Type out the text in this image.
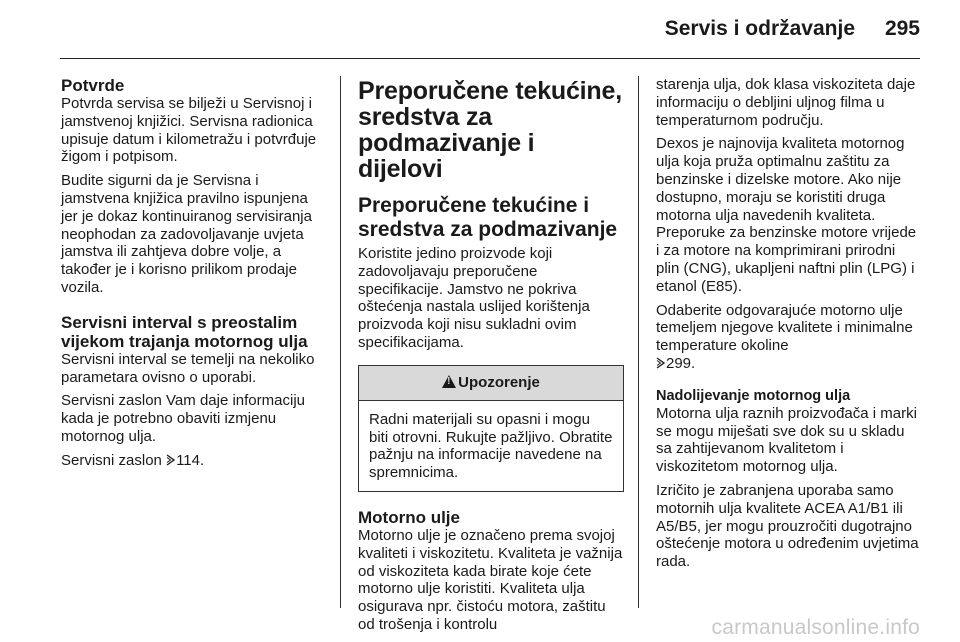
Servis i održavanje 295
Potvrde

Potvrda servisa se bilježi u Servisnoj i jamstvenoj knjižici. Servisna radionica upisuje datum i kilometražu i potvrđuje žigom i potpisom.

Budite sigurni da je Servisna i jamstvena knjižica pravilno ispunjena jer je dokaz kontinuiranog servisiranja neophodan za zadovoljavanje uvjeta jamstva ili zahtjeva dobre volje, a također je i korisno prilikom prodaje vozila.

Servisni interval s preostalim vijekom trajanja motornog ulja

Servisni interval se temelji na nekoliko parametara ovisno o uporabi.

Servisni zaslon Vam daje informaciju kada je potrebno obaviti izmjenu motornog ulja.

Servisni zaslon 114.

Preporučene tekućine, sredstva za podmazivanje i dijelovi
Preporučene tekućine i sredstva za podmazivanje

Koristite jedino proizvode koji zadovoljavaju preporučene specifikacije. Jamstvo ne pokriva oštećenja nastala uslijed korištenja proizvoda koji nisu sukladni ovim specifikacijama.

!Upozorenje
Radni materijali su opasni i mogu biti otrovni. Rukujte pažljivo. Obratite pažnju na informacije navedene na spremnicima.
Motorno ulje

Motorno ulje je označeno prema svojoj kvaliteti i viskozitetu. Kvaliteta je važnija od viskoziteta kada birate koje ćete motorno ulje koristiti. Kvaliteta ulja osigurava npr. čistoću motora, zaštitu od trošenja i kontrolu

starenja ulja, dok klasa viskoziteta daje informaciju o debljini uljnog filma u temperaturnom području.

Dexos je najnovija kvaliteta motornog ulja koja pruža optimalnu zaštitu za benzinske i dizelske motore. Ako nije dostupno, moraju se koristiti druga motorna ulja navedenih kvaliteta. Preporuke za benzinske motore vrijede i za motore na komprimirani prirodni plin (CNG), ukapljeni naftni plin (LPG) i etanol (E85).

Odaberite odgovarajuće motorno ulje temeljem njegove kvalitete i minimalne temperature okoline
299.

Nadolijevanje motornog ulja

Motorna ulja raznih proizvođača i marki se mogu miješati sve dok su u skladu sa zahtijevanom kvalitetom i viskozitetom motornog ulja.

Izričito je zabranjena uporaba samo motornih ulja kvalitete ACEA A1/B1 ili A5/B5, jer mogu prouzročiti dugotrajno oštećenje motora u određenim uvjetima rada.

carmanualsonline.info
